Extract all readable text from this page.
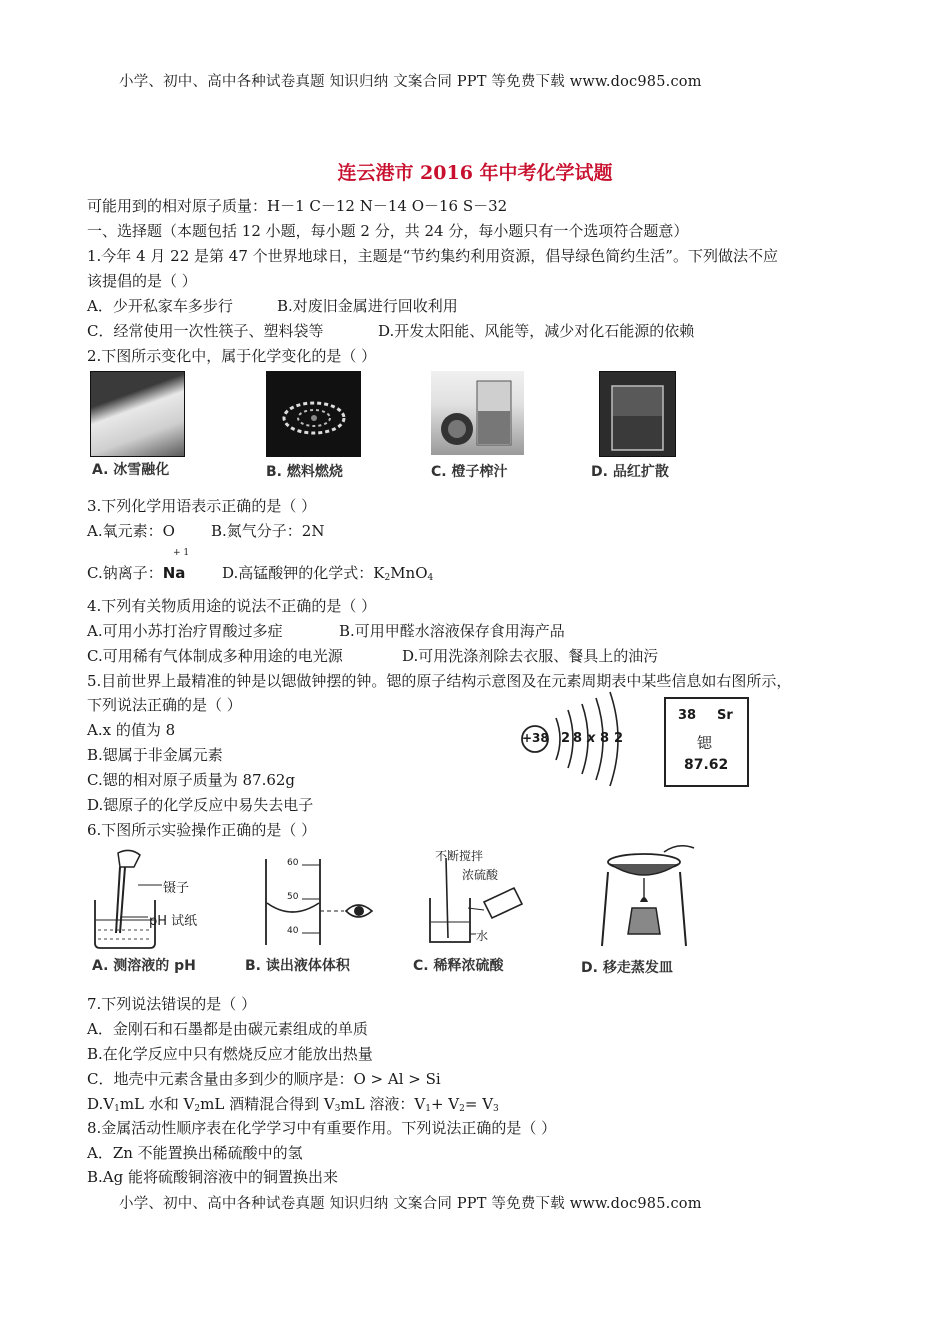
小学、初中、高中各种试卷真题 知识归纳 文案合同 PPT 等免费下载 www.doc985.com
连云港市 2016 年中考化学试题
可能用到的相对原子质量：H－1 C－12 N－14 O－16 S－32
一、选择题（本题包括 12 小题，每小题 2 分，共 24 分，每小题只有一个选项符合题意）
1.今年 4 月 22 是第 47 个世界地球日，主题是“节约集约利用资源，倡导绿色简约生活”。下列做法不应
该提倡的是（ ）
A．少开私家车多步行	B.对废旧金属进行回收利用
C．经常使用一次性筷子、塑料袋等	D.开发太阳能、风能等，减少对化石能源的依赖
2.下图所示变化中，属于化学变化的是（ ）
A. 冰雪融化	B. 燃料燃烧	C. 橙子榨汁	D. 品红扩散
3.下列化学用语表示正确的是（ ）
A.氧元素：O B.氮气分子：2N
+ 1
C.钠离子：Na D.高锰酸钾的化学式：$K_2MnO_4$
4.下列有关物质用途的说法不正确的是（ ）
A.可用小苏打治疗胃酸过多症	B.可用甲醛水溶液保存食用海产品
C.可用稀有气体制成多种用途的电光源	D.可用洗涤剂除去衣服、餐具上的油污
5.目前世界上最精准的钟是以锶做钟摆的钟。锶的原子结构示意图及在元素周期表中某些信息如右图所示，
下列说法正确的是（ ）
A.x 的值为 8
B.锶属于非金属元素
C.锶的相对原子质量为 87.62g
D.锶原子的化学反应中易失去电子
+38 2 8 x 8 2
38 Sr
锶
87.62
6.下图所示实验操作正确的是（ ）
镊子
pH 试纸
60
50
40
不断搅拌
浓硫酸
水
A. 测溶液的 pH	B. 读出液体体积	C. 稀释浓硫酸	D. 移走蒸发皿
7.下列说法错误的是（ ）
A．金刚石和石墨都是由碳元素组成的单质
B.在化学反应中只有燃烧反应才能放出热量
C．地壳中元素含量由多到少的顺序是：O > Al > Si
$D.V_1mL$ 水和 $V_2mL$ 酒精混合得到 $V_3mL$ 溶液：$V_1+ V_2= V_3$
8.金属活动性顺序表在化学学习中有重要作用。下列说法正确的是（ ）
A．Zn 不能置换出稀硫酸中的氢
B.Ag 能将硫酸铜溶液中的铜置换出来
小学、初中、高中各种试卷真题 知识归纳 文案合同 PPT 等免费下载 www.doc985.com
